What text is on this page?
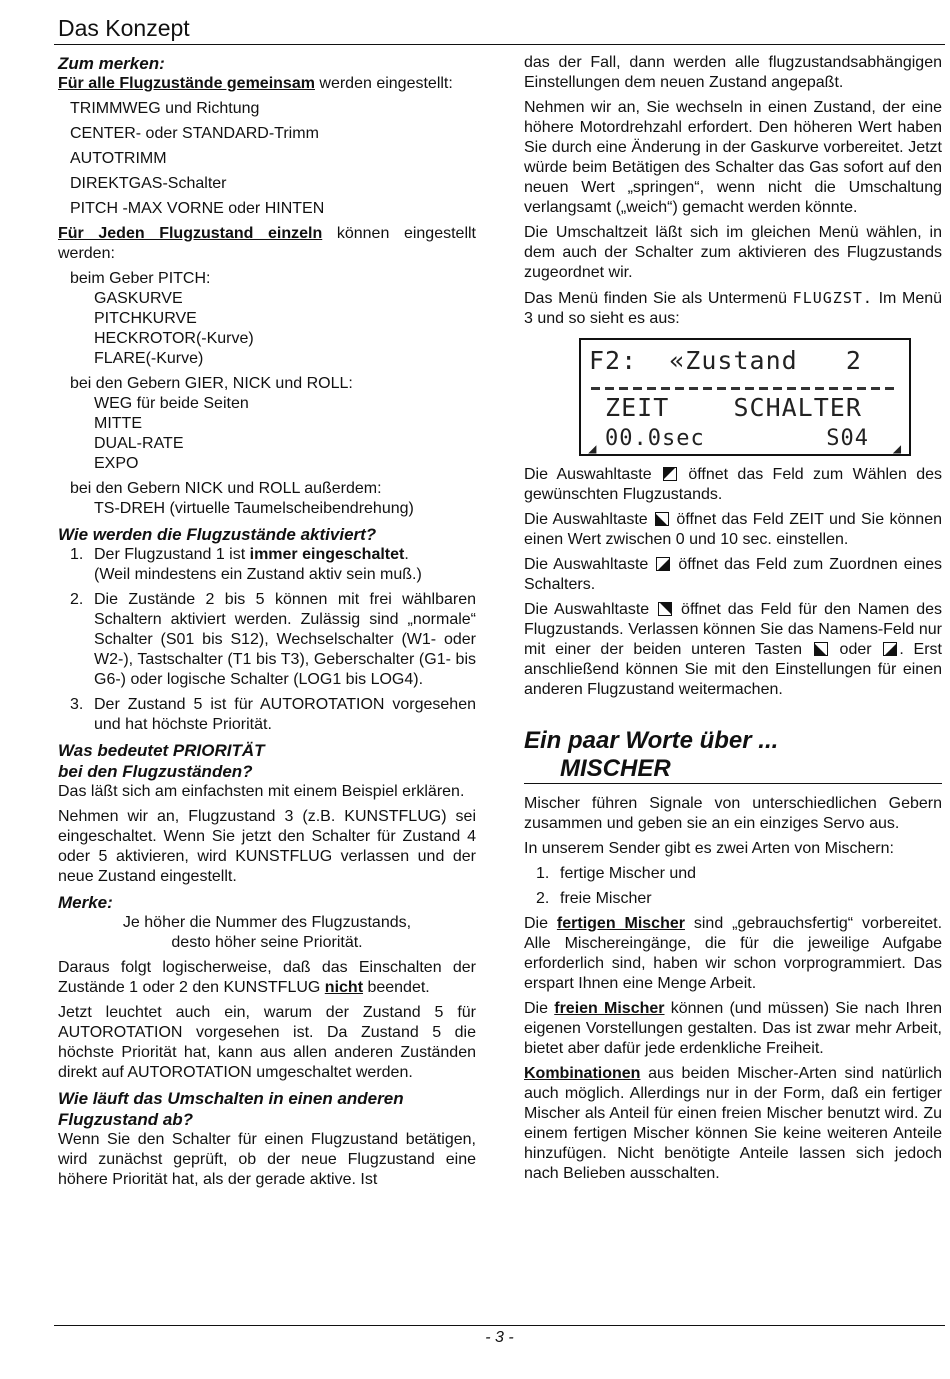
Das Konzept
Zum merken:

Für alle Flugzustände gemeinsam werden eingestellt:

TRIMMWEG und Richtung
CENTER- oder STANDARD-Trimm
AUTOTRIMM
DIREKTGAS-Schalter
PITCH -MAX VORNE oder HINTEN

Für Jeden Flugzustand einzeln können eingestellt werden:

beim Geber PITCH:
GASKURVE
PITCHKURVE
HECKROTOR(-Kurve)
FLARE(-Kurve)
bei den Gebern GIER, NICK und ROLL:
WEG für beide Seiten
MITTE
DUAL-RATE
EXPO
bei den Gebern NICK und ROLL außerdem:
TS-DREH (virtuelle Taumelscheibendrehung)
Wie werden die Flugzustände aktiviert?
1. Der Flugzustand 1 ist immer eingeschaltet.
(Weil mindestens ein Zustand aktiv sein muß.)
2. Die Zustände 2 bis 5 können mit frei wählbaren Schaltern aktiviert werden. Zulässig sind „normale“ Schalter (S01 bis S12), Wechselschalter (W1- oder W2-), Tastschalter (T1 bis T3), Geberschalter (G1- bis G6-) oder logische Schalter (LOG1 bis LOG4).
3. Der Zustand 5 ist für AUTOROTATION vorgesehen und hat höchste Priorität.
Was bedeutet PRIORITÄT
bei den Flugzuständen?

Das läßt sich am einfachsten mit einem Beispiel erklären.

Nehmen wir an, Flugzustand 3 (z.B. KUNSTFLUG) sei eingeschaltet. Wenn Sie jetzt den Schalter für Zustand 4 oder 5 aktivieren, wird KUNSTFLUG verlassen und der neue Zustand eingestellt.

Merke:
Je höher die Nummer des Flugzustands,
desto höher seine Priorität.

Daraus folgt logischerweise, daß das Einschalten der Zustände 1 oder 2 den KUNSTFLUG nicht beendet.

Jetzt leuchtet auch ein, warum der Zustand 5 für AUTOROTATION vorgesehen ist. Da Zustand 5 die höchste Priorität hat, kann aus allen anderen Zuständen direkt auf AUTOROTATION umgeschaltet werden.

Wie läuft das Umschalten in einen anderen
Flugzustand ab?

Wenn Sie den Schalter für einen Flugzustand betätigen, wird zunächst geprüft, ob der neue Flugzustand eine höhere Priorität hat, als der gerade aktive. Ist

das der Fall, dann werden alle flugzustandsabhängigen Einstellungen dem neuen Zustand angepaßt.

Nehmen wir an, Sie wechseln in einen Zustand, der eine höhere Motordrehzahl erfordert. Den höheren Wert haben Sie durch eine Änderung in der Gaskurve vorbereitet. Jetzt würde beim Betätigen des Schalter das Gas sofort auf den neuen Wert „springen“, wenn nicht die Umschaltung verlangsamt („weich“) gemacht werden könnte.

Die Umschaltzeit läßt sich im gleichen Menü wählen, in dem auch der Schalter zum aktivieren des Flugzustands zugeordnet wir.

Das Menü finden Sie als Untermenü FLUGZST. Im Menü 3 und so sieht es aus:

F2:  «Zustand   2
ZEIT    SCHALTER
00.0sec	S04
◢	◢

Die Auswahltaste
öffnet das Feld zum Wählen des gewünschten Flugzustands.

Die Auswahltaste
öffnet das Feld ZEIT und Sie können einen Wert zwischen 0 und 10 sec. einstellen.

Die Auswahltaste
öffnet das Feld zum Zuordnen eines Schalters.

Die Auswahltaste
öffnet das Feld für den Namen des Flugzustands. Verlassen können Sie das Namens-Feld nur mit einer der beiden unteren Tasten
oder
. Erst anschließend können Sie mit den Einstellungen für einen anderen Flugzustand weitermachen.

Ein paar Worte über ...
MISCHER

Mischer führen Signale von unterschiedlichen Gebern zusammen und geben sie an ein einziges Servo aus.

In unserem Sender gibt es zwei Arten von Mischern:

1. fertige Mischer und
2. freie Mischer

Die fertigen Mischer sind „gebrauchsfertig“ vorbereitet. Alle Mischereingänge, die für die jeweilige Aufgabe erforderlich sind, haben wir schon vorprogrammiert. Das erspart Ihnen eine Menge Arbeit.

Die freien Mischer können (und müssen) Sie nach Ihren eigenen Vorstellungen gestalten. Das ist zwar mehr Arbeit, bietet aber dafür jede erdenkliche Freiheit.

Kombinationen aus beiden Mischer-Arten sind natürlich auch möglich. Allerdings nur in der Form, daß ein fertiger Mischer als Anteil für einen freien Mischer benutzt wird. Zu einem fertigen Mischer können Sie keine weiteren Anteile hinzufügen. Nicht benötigte Anteile lassen sich jedoch nach Belieben ausschalten.

- 3 -
